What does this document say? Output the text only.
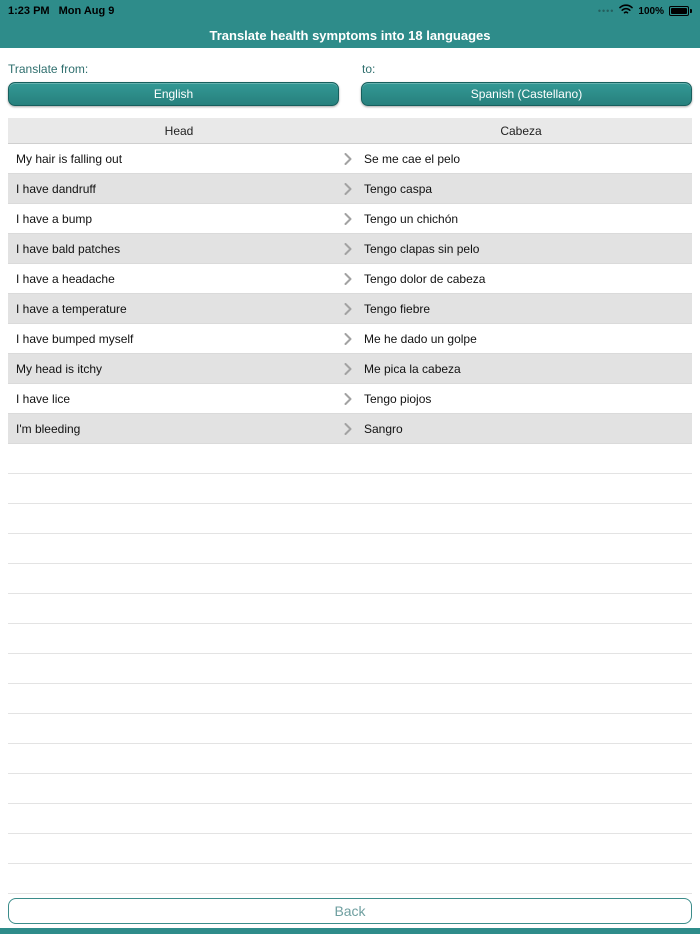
1:23 PM Mon Aug 9	•••• 100%
Translate health symptoms into 18 languages
Translate from:	to:
English	Spanish (Castellano)
Head	Cabeza
My hair is falling out	Se me cae el pelo
I have dandruff	Tengo caspa
I have a bump	Tengo un chichón
I have bald patches	Tengo clapas sin pelo
I have a headache	Tengo dolor de cabeza
I have a temperature	Tengo fiebre
I have bumped myself	Me he dado un golpe
My head is itchy	Me pica la cabeza
I have lice	Tengo piojos
I'm bleeding	Sangro
Back
